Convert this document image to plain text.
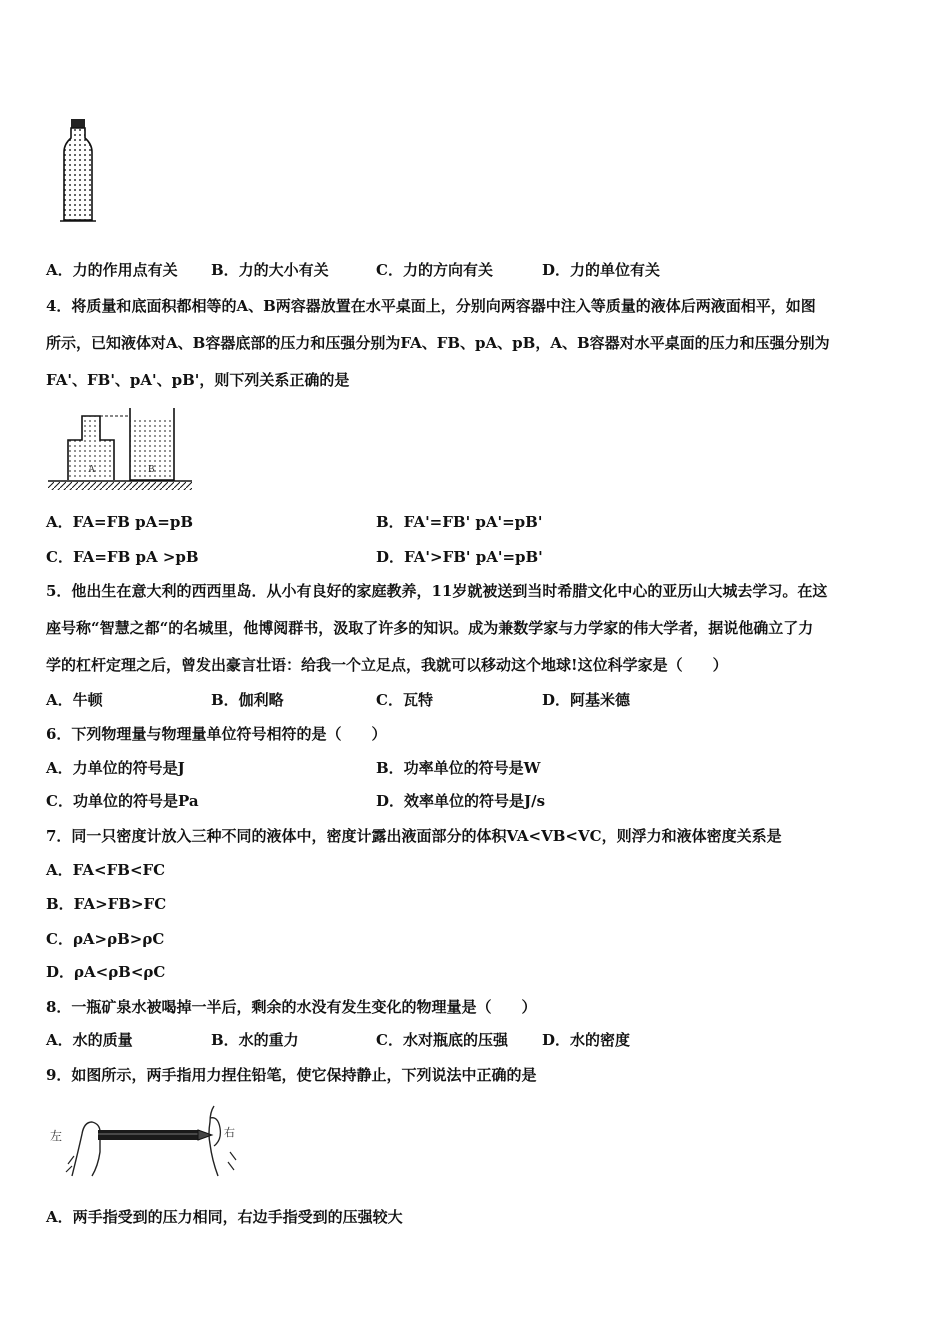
A．力的作用点有关 B．力的大小有关	C．力的方向有关	D．力的单位有关
4．将质量和底面积都相等的A、B两容器放置在水平桌面上，分别向两容器中注入等质量的液体后两液面相平，如图
所示，已知液体对A、B容器底部的压力和压强分别为FA、FB、pA、pB，A、B容器对水平桌面的压力和压强分别为
FA'、FB'、pA'、pB'，则下列关系正确的是
A	B
A．FA=FB pA=pB	B．FA'=FB' pA'=pB'
C．FA=FB pA >pB	D．FA'>FB' pA'=pB'
5．他出生在意大利的西西里岛．从小有良好的家庭教养，11岁就被送到当时希腊文化中心的亚历山大城去学习。在这
座号称“智慧之都“的名城里，他博阅群书，汲取了许多的知识。成为兼数学家与力学家的伟大学者，据说他确立了力
学的杠杆定理之后，曾发出豪言壮语：给我一个立足点，我就可以移动这个地球!这位科学家是（　　）
A．牛顿	B．伽利略	C．瓦特	D．阿基米德
6．下列物理量与物理量单位符号相符的是（　　）
A．力单位的符号是J	B．功率单位的符号是W
C．功单位的符号是Pa	D．效率单位的符号是J/s
7．同一只密度计放入三种不同的液体中，密度计露出液面部分的体积VA<VB<VC，则浮力和液体密度关系是
A．FA<FB<FC
B．FA>FB>FC
C．ρA>ρB>ρC
D．ρA<ρB<ρC
8．一瓶矿泉水被喝掉一半后，剩余的水没有发生变化的物理量是（　　）
A．水的质量	B．水的重力	C．水对瓶底的压强 D．水的密度
9．如图所示，两手指用力捏住铅笔，使它保持静止，下列说法中正确的是
左	右
A．两手指受到的压力相同，右边手指受到的压强较大
